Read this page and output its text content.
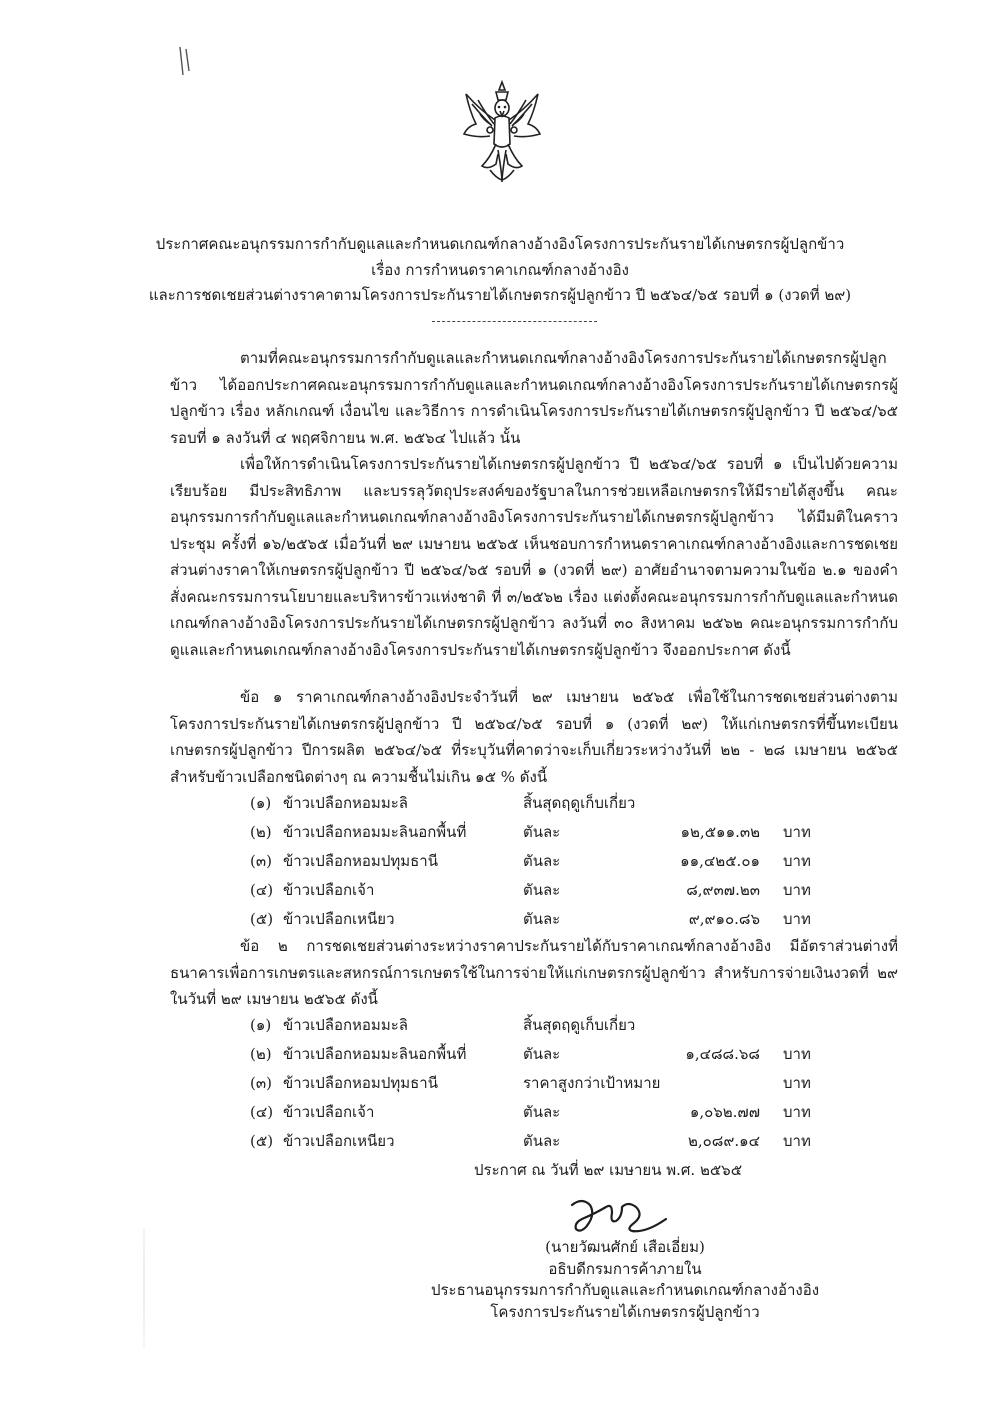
ประกาศคณะอนุกรรมการกำกับดูแลและกำหนดเกณฑ์กลางอ้างอิงโครงการประกันรายได้เกษตรกรผู้ปลูกข้าว
เรื่อง การกำหนดราคาเกณฑ์กลางอ้างอิง
และการชดเชยส่วนต่างราคาตามโครงการประกันรายได้เกษตรกรผู้ปลูกข้าว ปี ๒๕๖๔/๖๕ รอบที่ ๑ (งวดที่ ๒๙)

ตามที่คณะอนุกรรมการกำกับดูแลและกำหนดเกณฑ์กลางอ้างอิงโครงการประกันรายได้เกษตรกรผู้ปลูกข้าว ได้ออกประกาศคณะอนุกรรมการกำกับดูแลและกำหนดเกณฑ์กลางอ้างอิงโครงการประกันรายได้เกษตรกรผู้ปลูกข้าว เรื่อง หลักเกณฑ์ เงื่อนไข และวิธีการ การดำเนินโครงการประกันรายได้เกษตรกรผู้ปลูกข้าว ปี ๒๕๖๔/๖๕ รอบที่ ๑ ลงวันที่ ๔ พฤศจิกายน พ.ศ. ๒๕๖๔ ไปแล้ว นั้น

เพื่อให้การดำเนินโครงการประกันรายได้เกษตรกรผู้ปลูกข้าว ปี ๒๕๖๔/๖๕ รอบที่ ๑ เป็นไปด้วยความเรียบร้อย มีประสิทธิภาพ และบรรลุวัตถุประสงค์ของรัฐบาลในการช่วยเหลือเกษตรกรให้มีรายได้สูงขึ้น คณะอนุกรรมการกำกับดูแลและกำหนดเกณฑ์กลางอ้างอิงโครงการประกันรายได้เกษตรกรผู้ปลูกข้าว ได้มีมติในคราวประชุม ครั้งที่ ๑๖/๒๕๖๕ เมื่อวันที่ ๒๙ เมษายน ๒๕๖๕ เห็นชอบการกำหนดราคาเกณฑ์กลางอ้างอิงและการชดเชยส่วนต่างราคาให้เกษตรกรผู้ปลูกข้าว ปี ๒๕๖๔/๖๕ รอบที่ ๑ (งวดที่ ๒๙) อาศัยอำนาจตามความในข้อ ๒.๑ ของคำสั่งคณะกรรมการนโยบายและบริหารข้าวแห่งชาติ ที่ ๓/๒๕๖๒ เรื่อง แต่งตั้งคณะอนุกรรมการกำกับดูแลและกำหนดเกณฑ์กลางอ้างอิงโครงการประกันรายได้เกษตรกรผู้ปลูกข้าว ลงวันที่ ๓๐ สิงหาคม ๒๕๖๒ คณะอนุกรรมการกำกับดูแลและกำหนดเกณฑ์กลางอ้างอิงโครงการประกันรายได้เกษตรกรผู้ปลูกข้าว จึงออกประกาศ ดังนี้

ข้อ ๑ ราคาเกณฑ์กลางอ้างอิงประจำวันที่ ๒๙ เมษายน ๒๕๖๕ เพื่อใช้ในการชดเชยส่วนต่างตามโครงการประกันรายได้เกษตรกรผู้ปลูกข้าว ปี ๒๕๖๔/๖๕ รอบที่ ๑ (งวดที่ ๒๙) ให้แก่เกษตรกรที่ขึ้นทะเบียนเกษตรกรผู้ปลูกข้าว ปีการผลิต ๒๕๖๔/๖๕ ที่ระบุวันที่คาดว่าจะเก็บเกี่ยวระหว่างวันที่ ๒๒ - ๒๘ เมษายน ๒๕๖๕ สำหรับข้าวเปลือกชนิดต่างๆ ณ ความชื้นไม่เกิน ๑๕ % ดังนี้

(๑) ข้าวเปลือกหอมมะลิ	สิ้นสุดฤดูเก็บเกี่ยว
(๒) ข้าวเปลือกหอมมะลินอกพื้นที่	ตันละ	๑๒,๕๑๑.๓๒ บาท
(๓) ข้าวเปลือกหอมปทุมธานี	ตันละ	๑๑,๔๒๕.๐๑ บาท
(๔) ข้าวเปลือกเจ้า	ตันละ	๘,๙๓๗.๒๓ บาท
(๕) ข้าวเปลือกเหนียว	ตันละ	๙,๙๑๐.๘๖ บาท

ข้อ ๒ การชดเชยส่วนต่างระหว่างราคาประกันรายได้กับราคาเกณฑ์กลางอ้างอิง มีอัตราส่วนต่างที่ธนาคารเพื่อการเกษตรและสหกรณ์การเกษตรใช้ในการจ่ายให้แก่เกษตรกรผู้ปลูกข้าว สำหรับการจ่ายเงินงวดที่ ๒๙ ในวันที่ ๒๙ เมษายน ๒๕๖๕ ดังนี้

(๑) ข้าวเปลือกหอมมะลิ	สิ้นสุดฤดูเก็บเกี่ยว
(๒) ข้าวเปลือกหอมมะลินอกพื้นที่	ตันละ	๑,๔๘๘.๖๘ บาท
(๓) ข้าวเปลือกหอมปทุมธานี	ราคาสูงกว่าเป้าหมาย	บาท
(๔) ข้าวเปลือกเจ้า	ตันละ	๑,๐๖๒.๗๗ บาท
(๕) ข้าวเปลือกเหนียว	ตันละ	๒,๐๘๙.๑๔ บาท
ประกาศ ณ วันที่ ๒๙ เมษายน พ.ศ. ๒๕๖๕
(นายวัฒนศักย์ เสือเอี่ยม)
อธิบดีกรมการค้าภายใน
ประธานอนุกรรมการกำกับดูแลและกำหนดเกณฑ์กลางอ้างอิง
โครงการประกันรายได้เกษตรกรผู้ปลูกข้าว
